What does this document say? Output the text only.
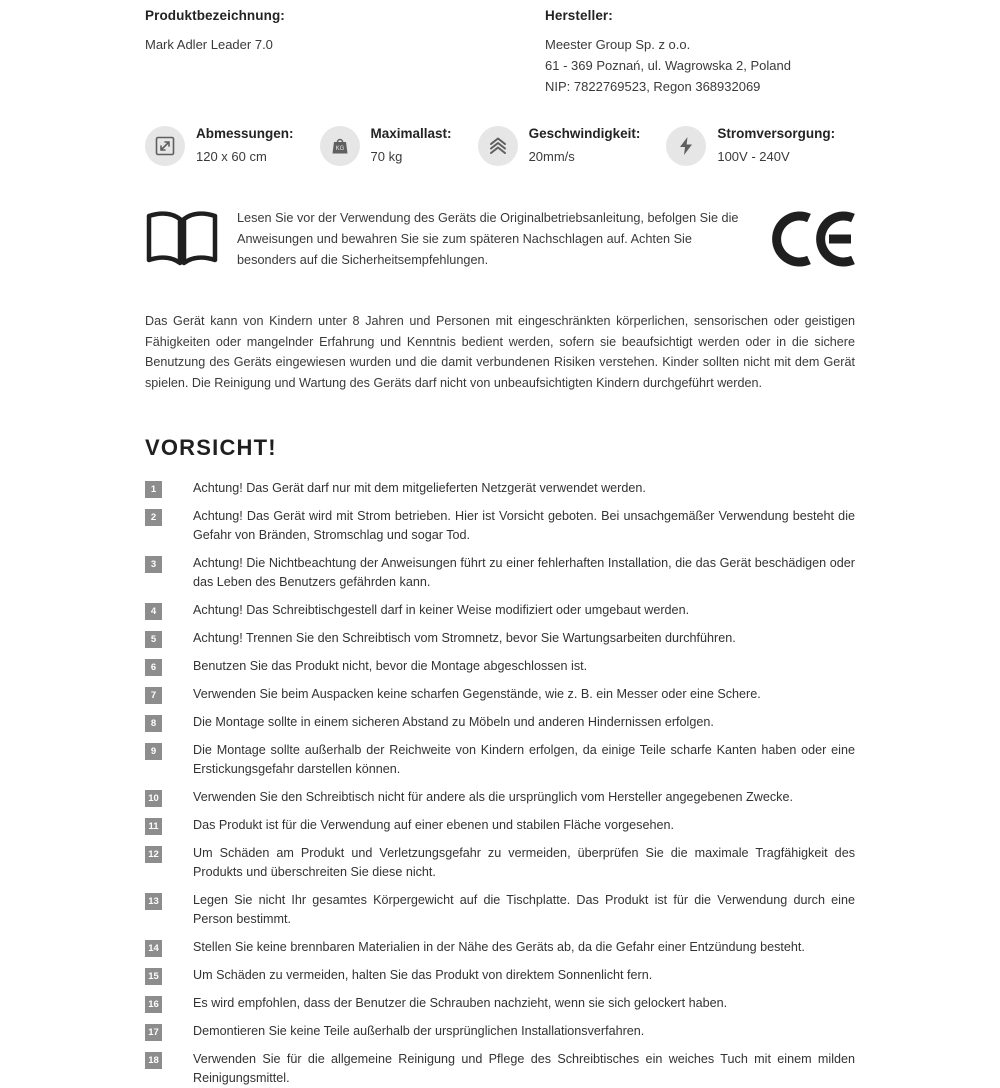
Produktbezeichnung:
Mark Adler Leader 7.0
Hersteller:
Meester Group Sp. z o.o.
61 - 369 Poznań, ul. Wagrowska 2, Poland
NIP: 7822769523, Regon 368932069
Abmessungen:
120 x 60 cm	KG
Maximallast:
70 kg
Geschwindigkeit:
20mm/s
Stromversorgung:
100V - 240V
Lesen Sie vor der Verwendung des Geräts die Originalbetriebsanleitung, befolgen Sie die Anweisungen und bewahren Sie sie zum späteren Nachschlagen auf. Achten Sie besonders auf die Sicherheitsempfehlungen.
Das Gerät kann von Kindern unter 8 Jahren und Personen mit eingeschränkten körperlichen, sensorischen oder geistigen Fähigkeiten oder mangelnder Erfahrung und Kenntnis bedient werden, sofern sie beaufsichtigt werden oder in die sichere Benutzung des Geräts eingewiesen wurden und die damit verbundenen Risiken verstehen. Kinder sollten nicht mit dem Gerät spielen. Die Reinigung und Wartung des Geräts darf nicht von unbeaufsichtigten Kindern durchgeführt werden.
VORSICHT!
1	Achtung! Das Gerät darf nur mit dem mitgelieferten Netzgerät verwendet werden.
2	Achtung! Das Gerät wird mit Strom betrieben. Hier ist Vorsicht geboten. Bei unsachgemäßer Verwendung besteht die Gefahr von Bränden, Stromschlag und sogar Tod.
3	Achtung! Die Nichtbeachtung der Anweisungen führt zu einer fehlerhaften Installation, die das Gerät beschädigen oder das Leben des Benutzers gefährden kann.
4	Achtung! Das Schreibtischgestell darf in keiner Weise modifiziert oder umgebaut werden.
5	Achtung! Trennen Sie den Schreibtisch vom Stromnetz, bevor Sie Wartungsarbeiten durchführen.
6	Benutzen Sie das Produkt nicht, bevor die Montage abgeschlossen ist.
7	Verwenden Sie beim Auspacken keine scharfen Gegenstände, wie z. B. ein Messer oder eine Schere.
8	Die Montage sollte in einem sicheren Abstand zu Möbeln und anderen Hindernissen erfolgen.
9	Die Montage sollte außerhalb der Reichweite von Kindern erfolgen, da einige Teile scharfe Kanten haben oder eine Erstickungsgefahr darstellen können.
10	Verwenden Sie den Schreibtisch nicht für andere als die ursprünglich vom Hersteller angegebenen Zwecke.
11	Das Produkt ist für die Verwendung auf einer ebenen und stabilen Fläche vorgesehen.
12	Um Schäden am Produkt und Verletzungsgefahr zu vermeiden, überprüfen Sie die maximale Tragfähigkeit des Produkts und überschreiten Sie diese nicht.
13	Legen Sie nicht Ihr gesamtes Körpergewicht auf die Tischplatte. Das Produkt ist für die Verwendung durch eine Person bestimmt.
14	Stellen Sie keine brennbaren Materialien in der Nähe des Geräts ab, da die Gefahr einer Entzündung besteht.
15	Um Schäden zu vermeiden, halten Sie das Produkt von direktem Sonnenlicht fern.
16	Es wird empfohlen, dass der Benutzer die Schrauben nachzieht, wenn sie sich gelockert haben.
17	Demontieren Sie keine Teile außerhalb der ursprünglichen Installationsverfahren.
18	Verwenden Sie für die allgemeine Reinigung und Pflege des Schreibtisches ein weiches Tuch mit einem milden Reinigungsmittel.
